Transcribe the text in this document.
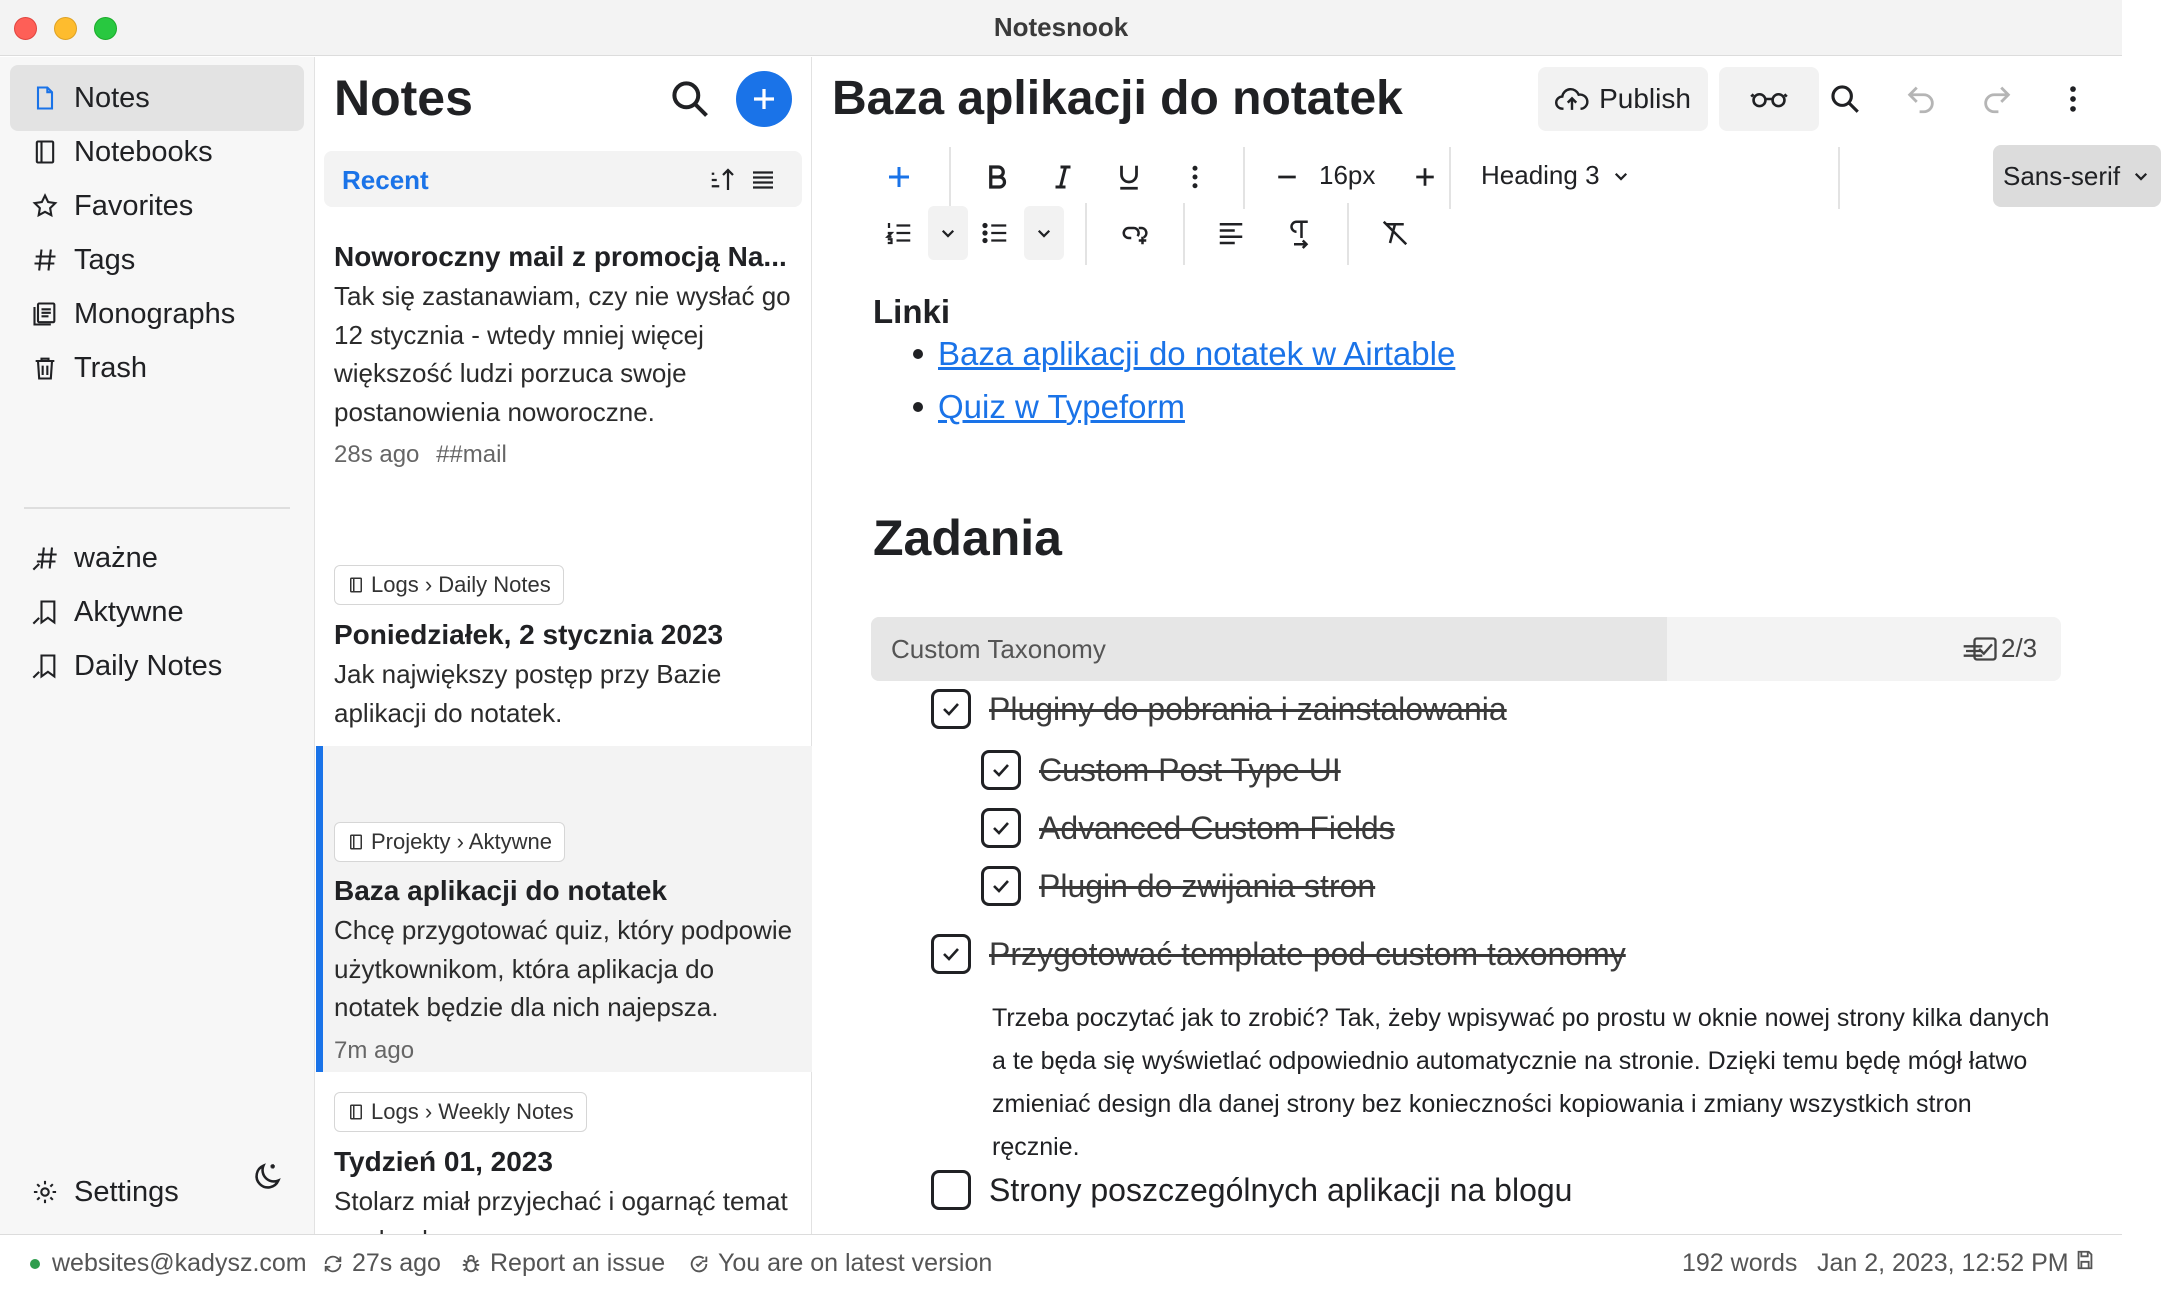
Notesnook
Notes
Notebooks
Favorites
Tags
Monographs
Trash
ważne
Aktywne
Daily Notes
Settings
Notes
Recent
Noworoczny mail z promocją Na...
Tak się zastanawiam, czy nie wysłać go 12 stycznia - wtedy mniej więcej większość ludzi porzuca swoje postanowienia noworoczne.
28s ago ##mail
Logs › Daily Notes
Poniedziałek, 2 stycznia 2023
Jak największy postęp przy Bazie aplikacji do notatek.
Projekty › Aktywne
Baza aplikacji do notatek
Chcę przygotować quiz, który podpowie użytkownikom, która aplikacja do notatek będzie dla nich najepsza.
7m ago
Logs › Weekly Notes
Tydzień 01, 2023
Stolarz miał przyjechać i ogarnąć temat
Baza aplikacji do notatek	Publish
16px	Heading 3	Sans-serif
Linki
Baza aplikacji do notatek w Airtable
Quiz w Typeform
Zadania
Custom Taxonomy	2/3
Pluginy do pobrania i zainstalowania
Custom Post Type UI
Advanced Custom Fields
Plugin do zwijania stron
Przygotować template pod custom taxonomy
Trzeba poczytać jak to zrobić? Tak, żeby wpisywać po prostu w oknie nowej strony kilka danych a te będa się wyświetlać odpowiednio automatycznie na stronie. Dzięki temu będę mógł łatwo zmieniać design dla danej strony bez konieczności kopiowania i zmiany wszystkich stron ręcznie.
Strony poszczególnych aplikacji na blogu
websites@kadysz.com 27s ago Report an issue You are on latest version	192 words Jan 2, 2023, 12:52 PM
